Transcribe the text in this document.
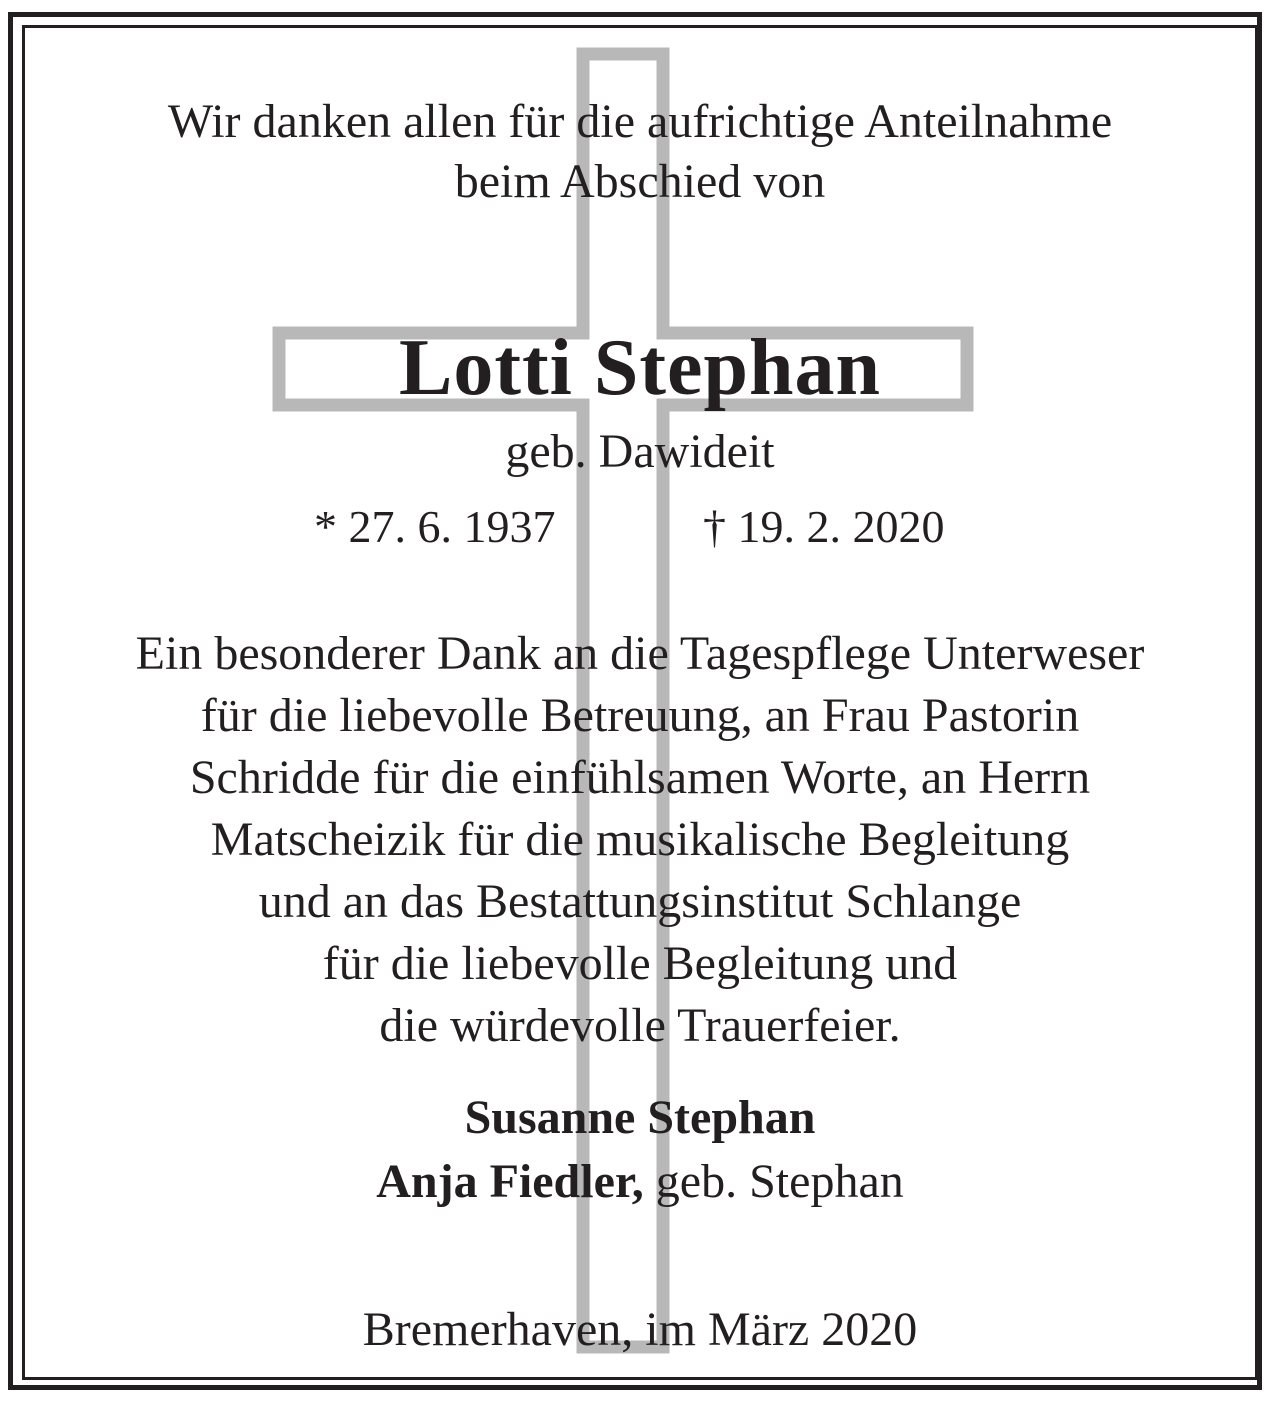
Wir danken allen für die aufrichtige Anteilnahme
beim Abschied von
Lotti Stephan
geb. Dawideit
* 27. 6. 1937	† 19. 2. 2020
Ein besonderer Dank an die Tagespflege Unterweser
für die liebevolle Betreuung, an Frau Pastorin
Schridde für die einfühlsamen Worte, an Herrn
Matscheizik für die musikalische Begleitung
und an das Bestattungsinstitut Schlange
für die liebevolle Begleitung und
die würdevolle Trauerfeier.
Susanne Stephan
Anja Fiedler, geb. Stephan
Bremerhaven, im März 2020
